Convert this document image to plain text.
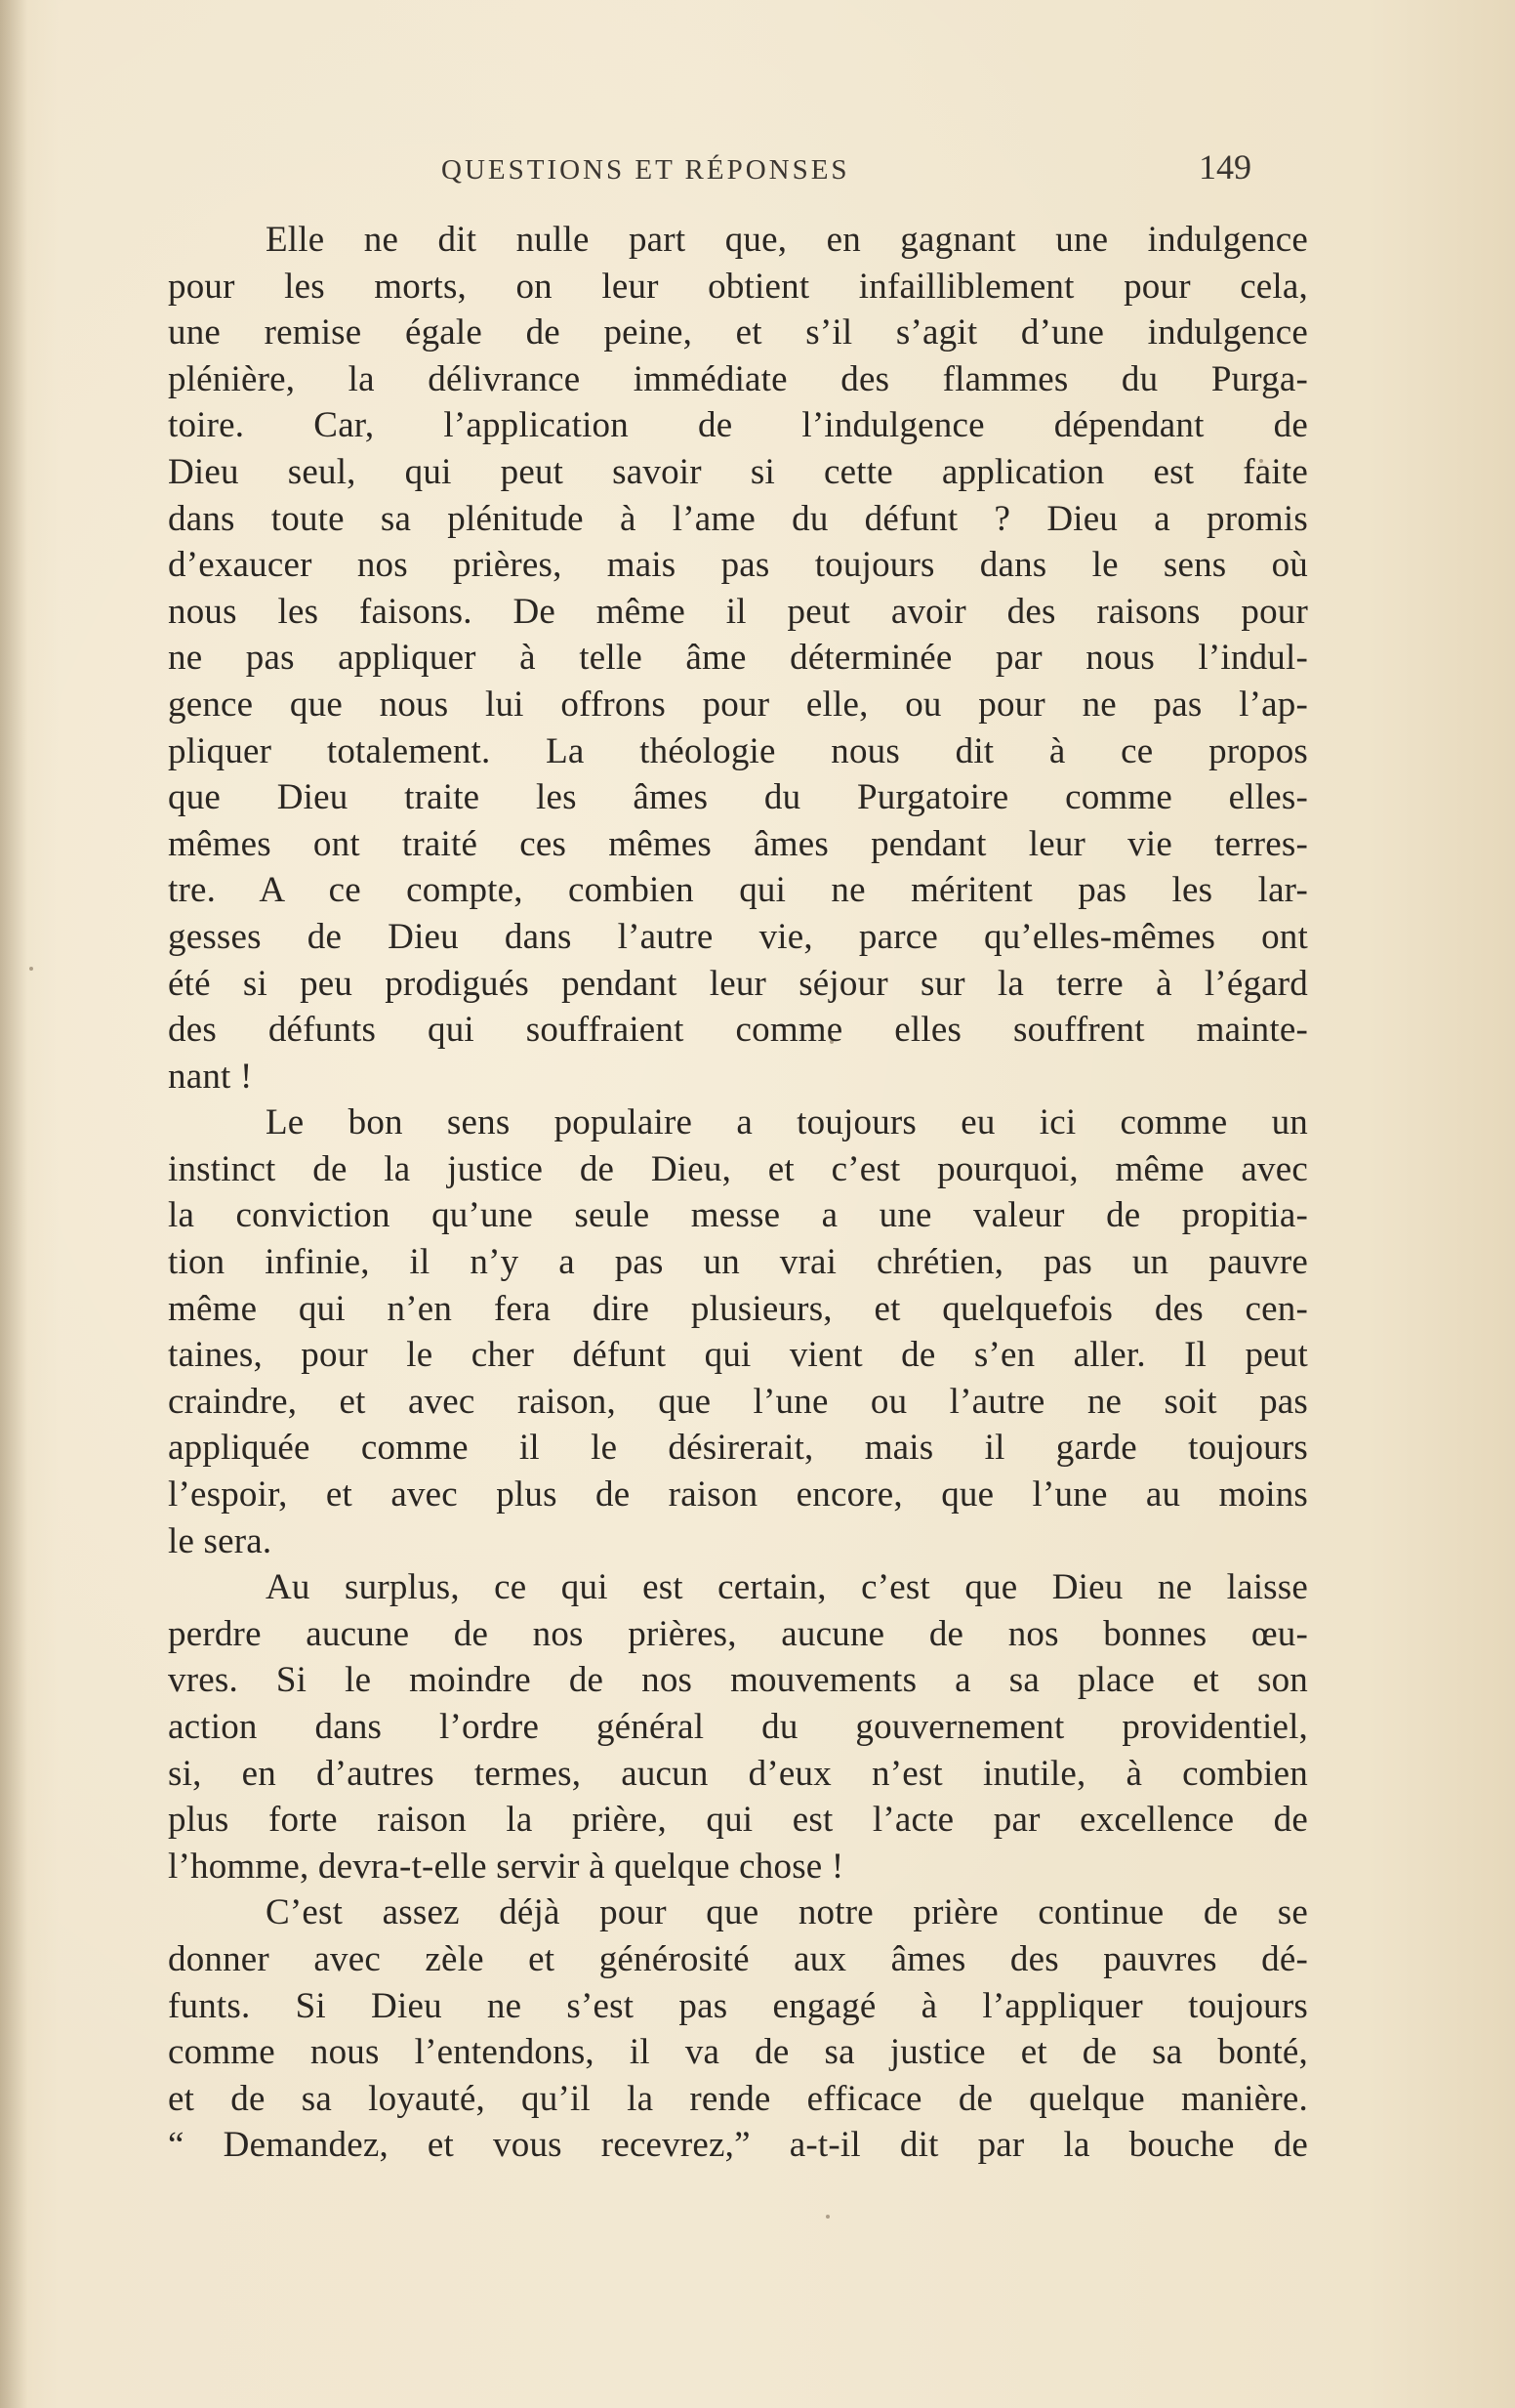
QUESTIONS ET RÉPONSES	149
Elle ne dit nulle part que, en gagnant une indulgence
pour les morts, on leur obtient infailliblement pour cela,
une remise égale de peine, et s’il s’agit d’une indulgence
plénière, la délivrance immédiate des flammes du Purga-
toire. Car, l’application de l’indulgence dépendant de
Dieu seul, qui peut savoir si cette application est faite
dans toute sa plénitude à l’ame du défunt ? Dieu a promis
d’exaucer nos prières, mais pas toujours dans le sens où
nous les faisons. De même il peut avoir des raisons pour
ne pas appliquer à telle âme déterminée par nous l’indul-
gence que nous lui offrons pour elle, ou pour ne pas l’ap-
pliquer totalement. La théologie nous dit à ce propos
que Dieu traite les âmes du Purgatoire comme elles-
mêmes ont traité ces mêmes âmes pendant leur vie terres-
tre. A ce compte, combien qui ne méritent pas les lar-
gesses de Dieu dans l’autre vie, parce qu’elles-mêmes ont
été si peu prodigués pendant leur séjour sur la terre à l’égard
des défunts qui souffraient comme elles souffrent mainte-
nant !
Le bon sens populaire a toujours eu ici comme un
instinct de la justice de Dieu, et c’est pourquoi, même avec
la conviction qu’une seule messe a une valeur de propitia-
tion infinie, il n’y a pas un vrai chrétien, pas un pauvre
même qui n’en fera dire plusieurs, et quelquefois des cen-
taines, pour le cher défunt qui vient de s’en aller. Il peut
craindre, et avec raison, que l’une ou l’autre ne soit pas
appliquée comme il le désirerait, mais il garde toujours
l’espoir, et avec plus de raison encore, que l’une au moins
le sera.
Au surplus, ce qui est certain, c’est que Dieu ne laisse
perdre aucune de nos prières, aucune de nos bonnes œu-
vres. Si le moindre de nos mouvements a sa place et son
action dans l’ordre général du gouvernement providentiel,
si, en d’autres termes, aucun d’eux n’est inutile, à combien
plus forte raison la prière, qui est l’acte par excellence de
l’homme, devra-t-elle servir à quelque chose !
C’est assez déjà pour que notre prière continue de se
donner avec zèle et générosité aux âmes des pauvres dé-
funts. Si Dieu ne s’est pas engagé à l’appliquer toujours
comme nous l’entendons, il va de sa justice et de sa bonté,
et de sa loyauté, qu’il la rende efficace de quelque manière.
“ Demandez, et vous recevrez,” a-t-il dit par la bouche de
